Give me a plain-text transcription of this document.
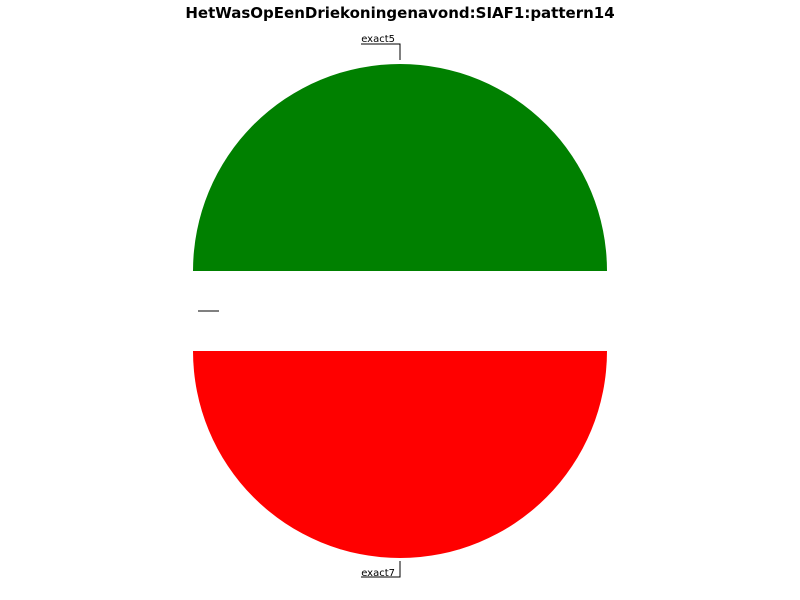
HetWasOpEenDriekoningenavond:SIAF1:pattern14
exact5
exact7
